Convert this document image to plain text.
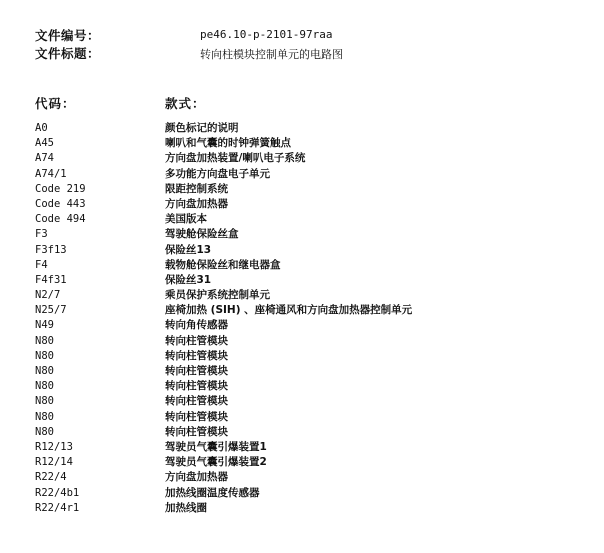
文件编号：	pe46.10-p-2101-97raa
文件标题：	转向柱模块控制单元的电路图
代码：	款式：
A0	颜色标记的说明
A45	喇叭和气囊的时钟弹簧触点
A74	方向盘加热装置/喇叭电子系统
A74/1	多功能方向盘电子单元
Code 219	限距控制系统
Code 443	方向盘加热器
Code 494	美国版本
F3	驾驶舱保险丝盒
F3f13	保险丝13
F4	载物舱保险丝和继电器盒
F4f31	保险丝31
N2/7	乘员保护系统控制单元
N25/7	座椅加热 (SIH) 、座椅通风和方向盘加热器控制单元
N49	转向角传感器
N80	转向柱管模块
N80	转向柱管模块
N80	转向柱管模块
N80	转向柱管模块
N80	转向柱管模块
N80	转向柱管模块
N80	转向柱管模块
R12/13	驾驶员气囊引爆装置1
R12/14	驾驶员气囊引爆装置2
R22/4	方向盘加热器
R22/4b1	加热线圈温度传感器
R22/4r1	加热线圈
